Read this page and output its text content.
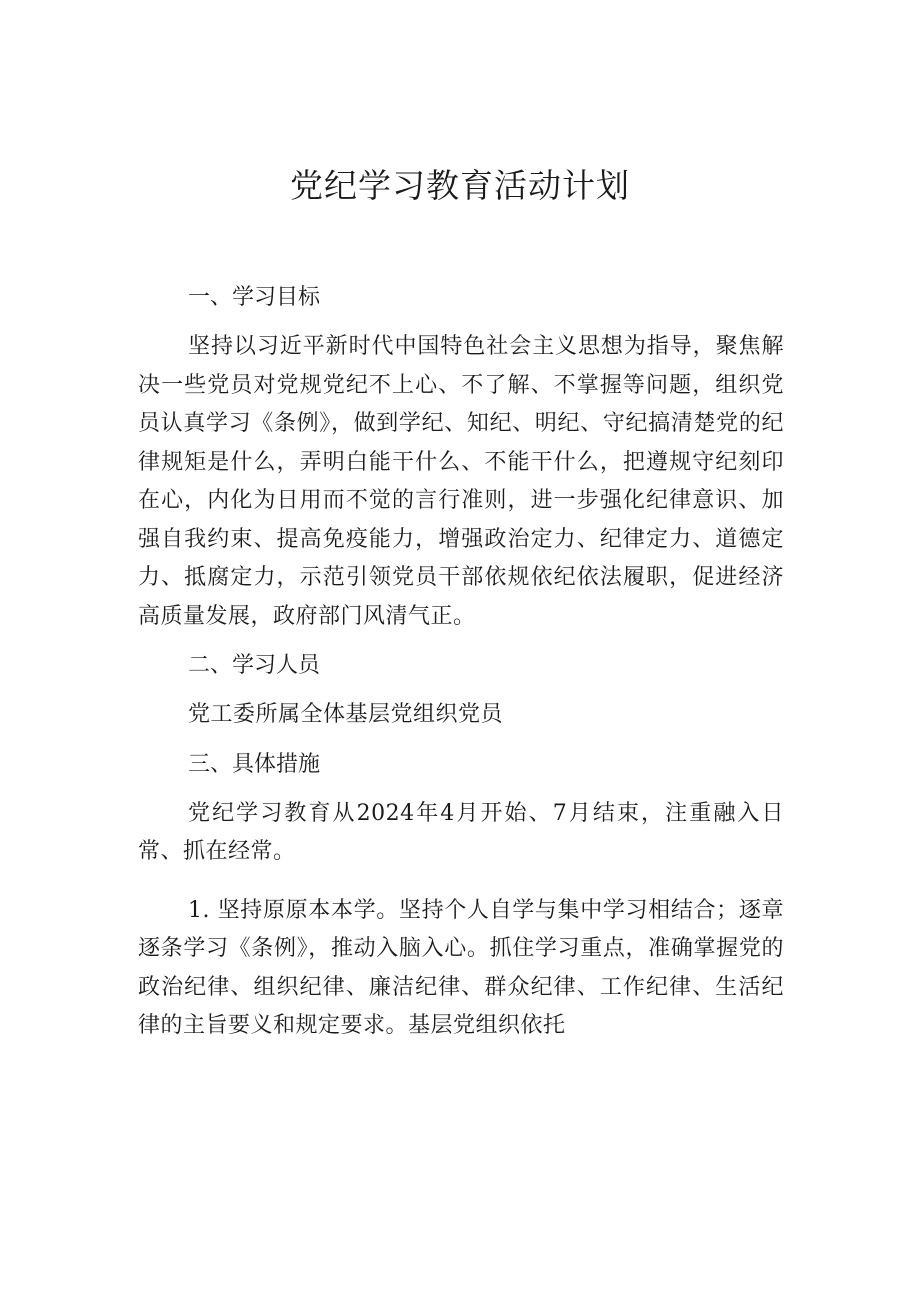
党纪学习教育活动计划

一、学习目标

坚持以习近平新时代中国特色社会主义思想为指导，聚焦解决一些党员对党规党纪不上心、不了解、不掌握等问题，组织党员认真学习《条例》，做到学纪、知纪、明纪、守纪搞清楚党的纪律规矩是什么，弄明白能干什么、不能干什么，把遵规守纪刻印在心，内化为日用而不觉的言行准则，进一步强化纪律意识、加强自我约束、提高免疫能力，增强政治定力、纪律定力、道德定力、抵腐定力，示范引领党员干部依规依纪依法履职，促进经济高质量发展，政府部门风清气正。

二、学习人员

党工委所属全体基层党组织党员

三、具体措施

党纪学习教育从2024年4月开始、7月结束，注重融入日常、抓在经常。

1. 坚持原原本本学。坚持个人自学与集中学习相结合；逐章逐条学习《条例》，推动入脑入心。抓住学习重点，准确掌握党的政治纪律、组织纪律、廉洁纪律、群众纪律、工作纪律、生活纪律的主旨要义和规定要求。基层党组织依托
